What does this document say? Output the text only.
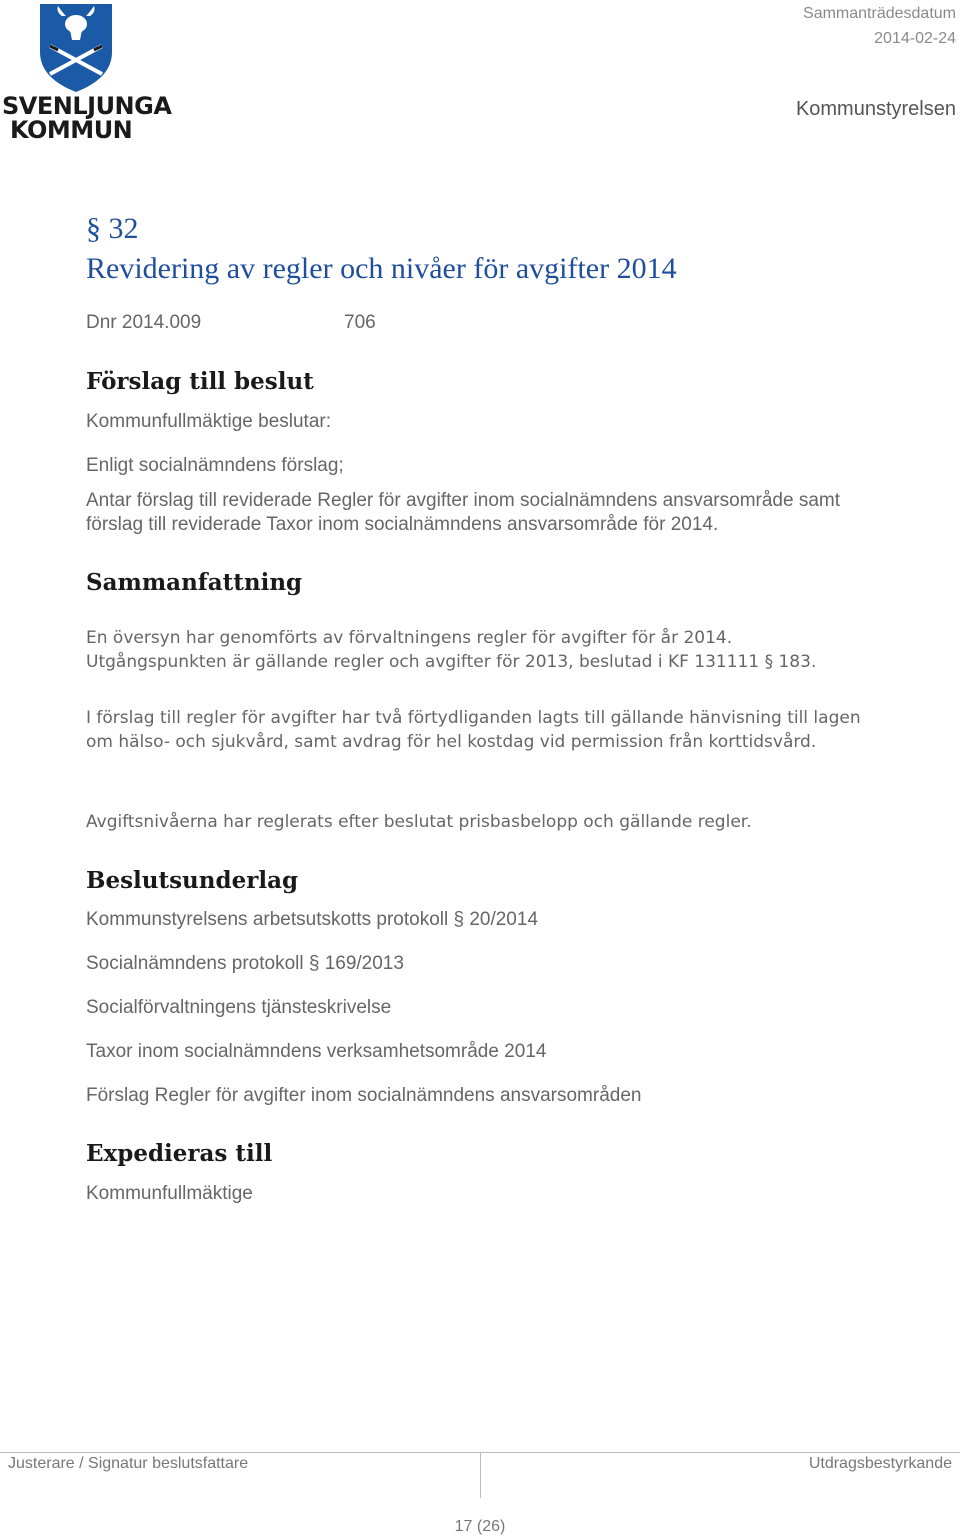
SVENLJUNGA
KOMMUN
Sammanträdesdatum
2014-02-24
Kommunstyrelsen
§ 32
Revidering av regler och nivåer för avgifter 2014
Dnr 2014.009	706
Förslag till beslut
Kommunfullmäktige beslutar:
Enligt socialnämndens förslag;
Antar förslag till reviderade Regler för avgifter inom socialnämndens ansvarsområde samt förslag till reviderade Taxor inom socialnämndens ansvarsområde för 2014.
Sammanfattning
En översyn har genomförts av förvaltningens regler för avgifter för år 2014. Utgångspunkten är gällande regler och avgifter för 2013, beslutad i KF 131111 § 183.
I förslag till regler för avgifter har två förtydliganden lagts till gällande hänvisning till lagen om hälso- och sjukvård, samt avdrag för hel kostdag vid permission från korttidsvård.
Avgiftsnivåerna har reglerats efter beslutat prisbasbelopp och gällande regler.
Beslutsunderlag
Kommunstyrelsens arbetsutskotts protokoll § 20/2014
Socialnämndens protokoll § 169/2013
Socialförvaltningens tjänsteskrivelse
Taxor inom socialnämndens verksamhetsområde 2014
Förslag Regler för avgifter inom socialnämndens ansvarsområden
Expedieras till
Kommunfullmäktige
Justerare / Signatur beslutsfattare	Utdragsbestyrkande
17 (26)
